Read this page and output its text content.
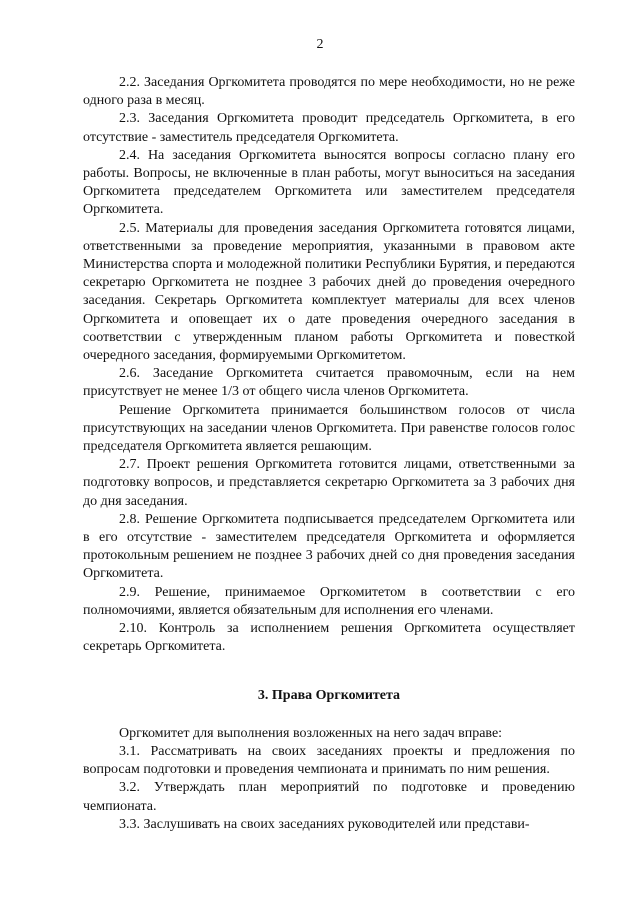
2

2.2. Заседания Оргкомитета проводятся по мере необходимости, но не реже одного раза в месяц.

2.3. Заседания Оргкомитета проводит председатель Оргкомитета, в его отсутствие - заместитель председателя Оргкомитета.

2.4. На заседания Оргкомитета выносятся вопросы согласно плану его работы. Вопросы, не включенные в план работы, могут выноситься на заседания Оргкомитета председателем Оргкомитета или заместителем председателя Оргкомитета.

2.5. Материалы для проведения заседания Оргкомитета готовятся лицами, ответственными за проведение мероприятия, указанными в правовом акте Министерства спорта и молодежной политики Республики Бурятия, и передаются секретарю Оргкомитета не позднее 3 рабочих дней до проведения очередного заседания. Секретарь Оргкомитета комплектует материалы для всех членов Оргкомитета и оповещает их о дате проведения очередного заседания в соответствии с утвержденным планом работы Оргкомитета и повесткой очередного заседания, формируемыми Оргкомитетом.

2.6. Заседание Оргкомитета считается правомочным, если на нем присутствует не менее 1/3 от общего числа членов Оргкомитета.

Решение Оргкомитета принимается большинством голосов от числа присутствующих на заседании членов Оргкомитета. При равенстве голосов голос председателя Оргкомитета является решающим.

2.7. Проект решения Оргкомитета готовится лицами, ответственными за подготовку вопросов, и представляется секретарю Оргкомитета за 3 рабочих дня до дня заседания.

2.8. Решение Оргкомитета подписывается председателем Оргкомитета или в его отсутствие - заместителем председателя Оргкомитета и оформляется протокольным решением не позднее 3 рабочих дней со дня проведения заседания Оргкомитета.

2.9. Решение, принимаемое Оргкомитетом в соответствии с его полномочиями, является обязательным для исполнения его членами.

2.10. Контроль за исполнением решения Оргкомитета осуществляет секретарь Оргкомитета.

3. Права Оргкомитета

Оргкомитет для выполнения возложенных на него задач вправе:

3.1. Рассматривать на своих заседаниях проекты и предложения по вопросам подготовки и проведения чемпионата и принимать по ним решения.

3.2. Утверждать план мероприятий по подготовке и проведению чемпионата.

3.3. Заслушивать на своих заседаниях руководителей или представи-
